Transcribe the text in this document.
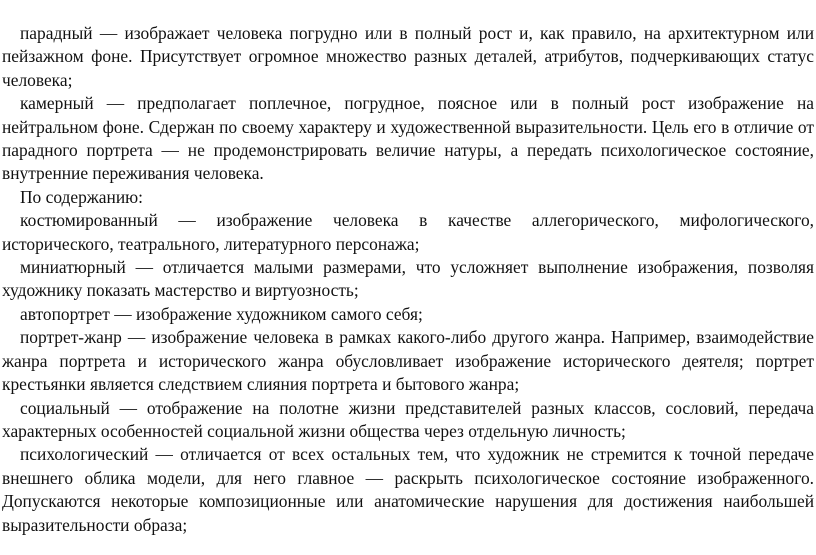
парадный — изображает человека погрудно или в полный рост и, как правило, на архитектурном или пейзажном фоне. Присутствует огромное множество разных деталей, атрибутов, подчеркивающих статус человека;

камерный — предполагает поплечное, погрудное, поясное или в полный рост изображение на нейтральном фоне. Сдержан по своему характеру и художественной выразительности. Цель его в отличие от парадного портрета — не продемонстрировать величие натуры, а передать психологическое состояние, внутренние переживания человека.

По содержанию:

костюмированный — изображение человека в качестве аллегорического, мифологического, исторического, театрального, литературного персонажа;

миниатюрный — отличается малыми размерами, что усложняет выполнение изображения, позволяя художнику показать мастерство и виртуозность;

автопортрет — изображение художником самого себя;

портрет-жанр — изображение человека в рамках какого-либо другого жанра. Например, взаимодействие жанра портрета и исторического жанра обусловливает изображение исторического деятеля; портрет крестьянки является следствием слияния портрета и бытового жанра;

социальный — отображение на полотне жизни представителей разных классов, сословий, передача характерных особенностей социальной жизни общества через отдельную личность;

психологический — отличается от всех остальных тем, что художник не стремится к точной передаче внешнего облика модели, для него главное — раскрыть психологическое состояние изображенного. Допускаются некоторые композиционные или анатомические нарушения для достижения наибольшей выразительности образа;
